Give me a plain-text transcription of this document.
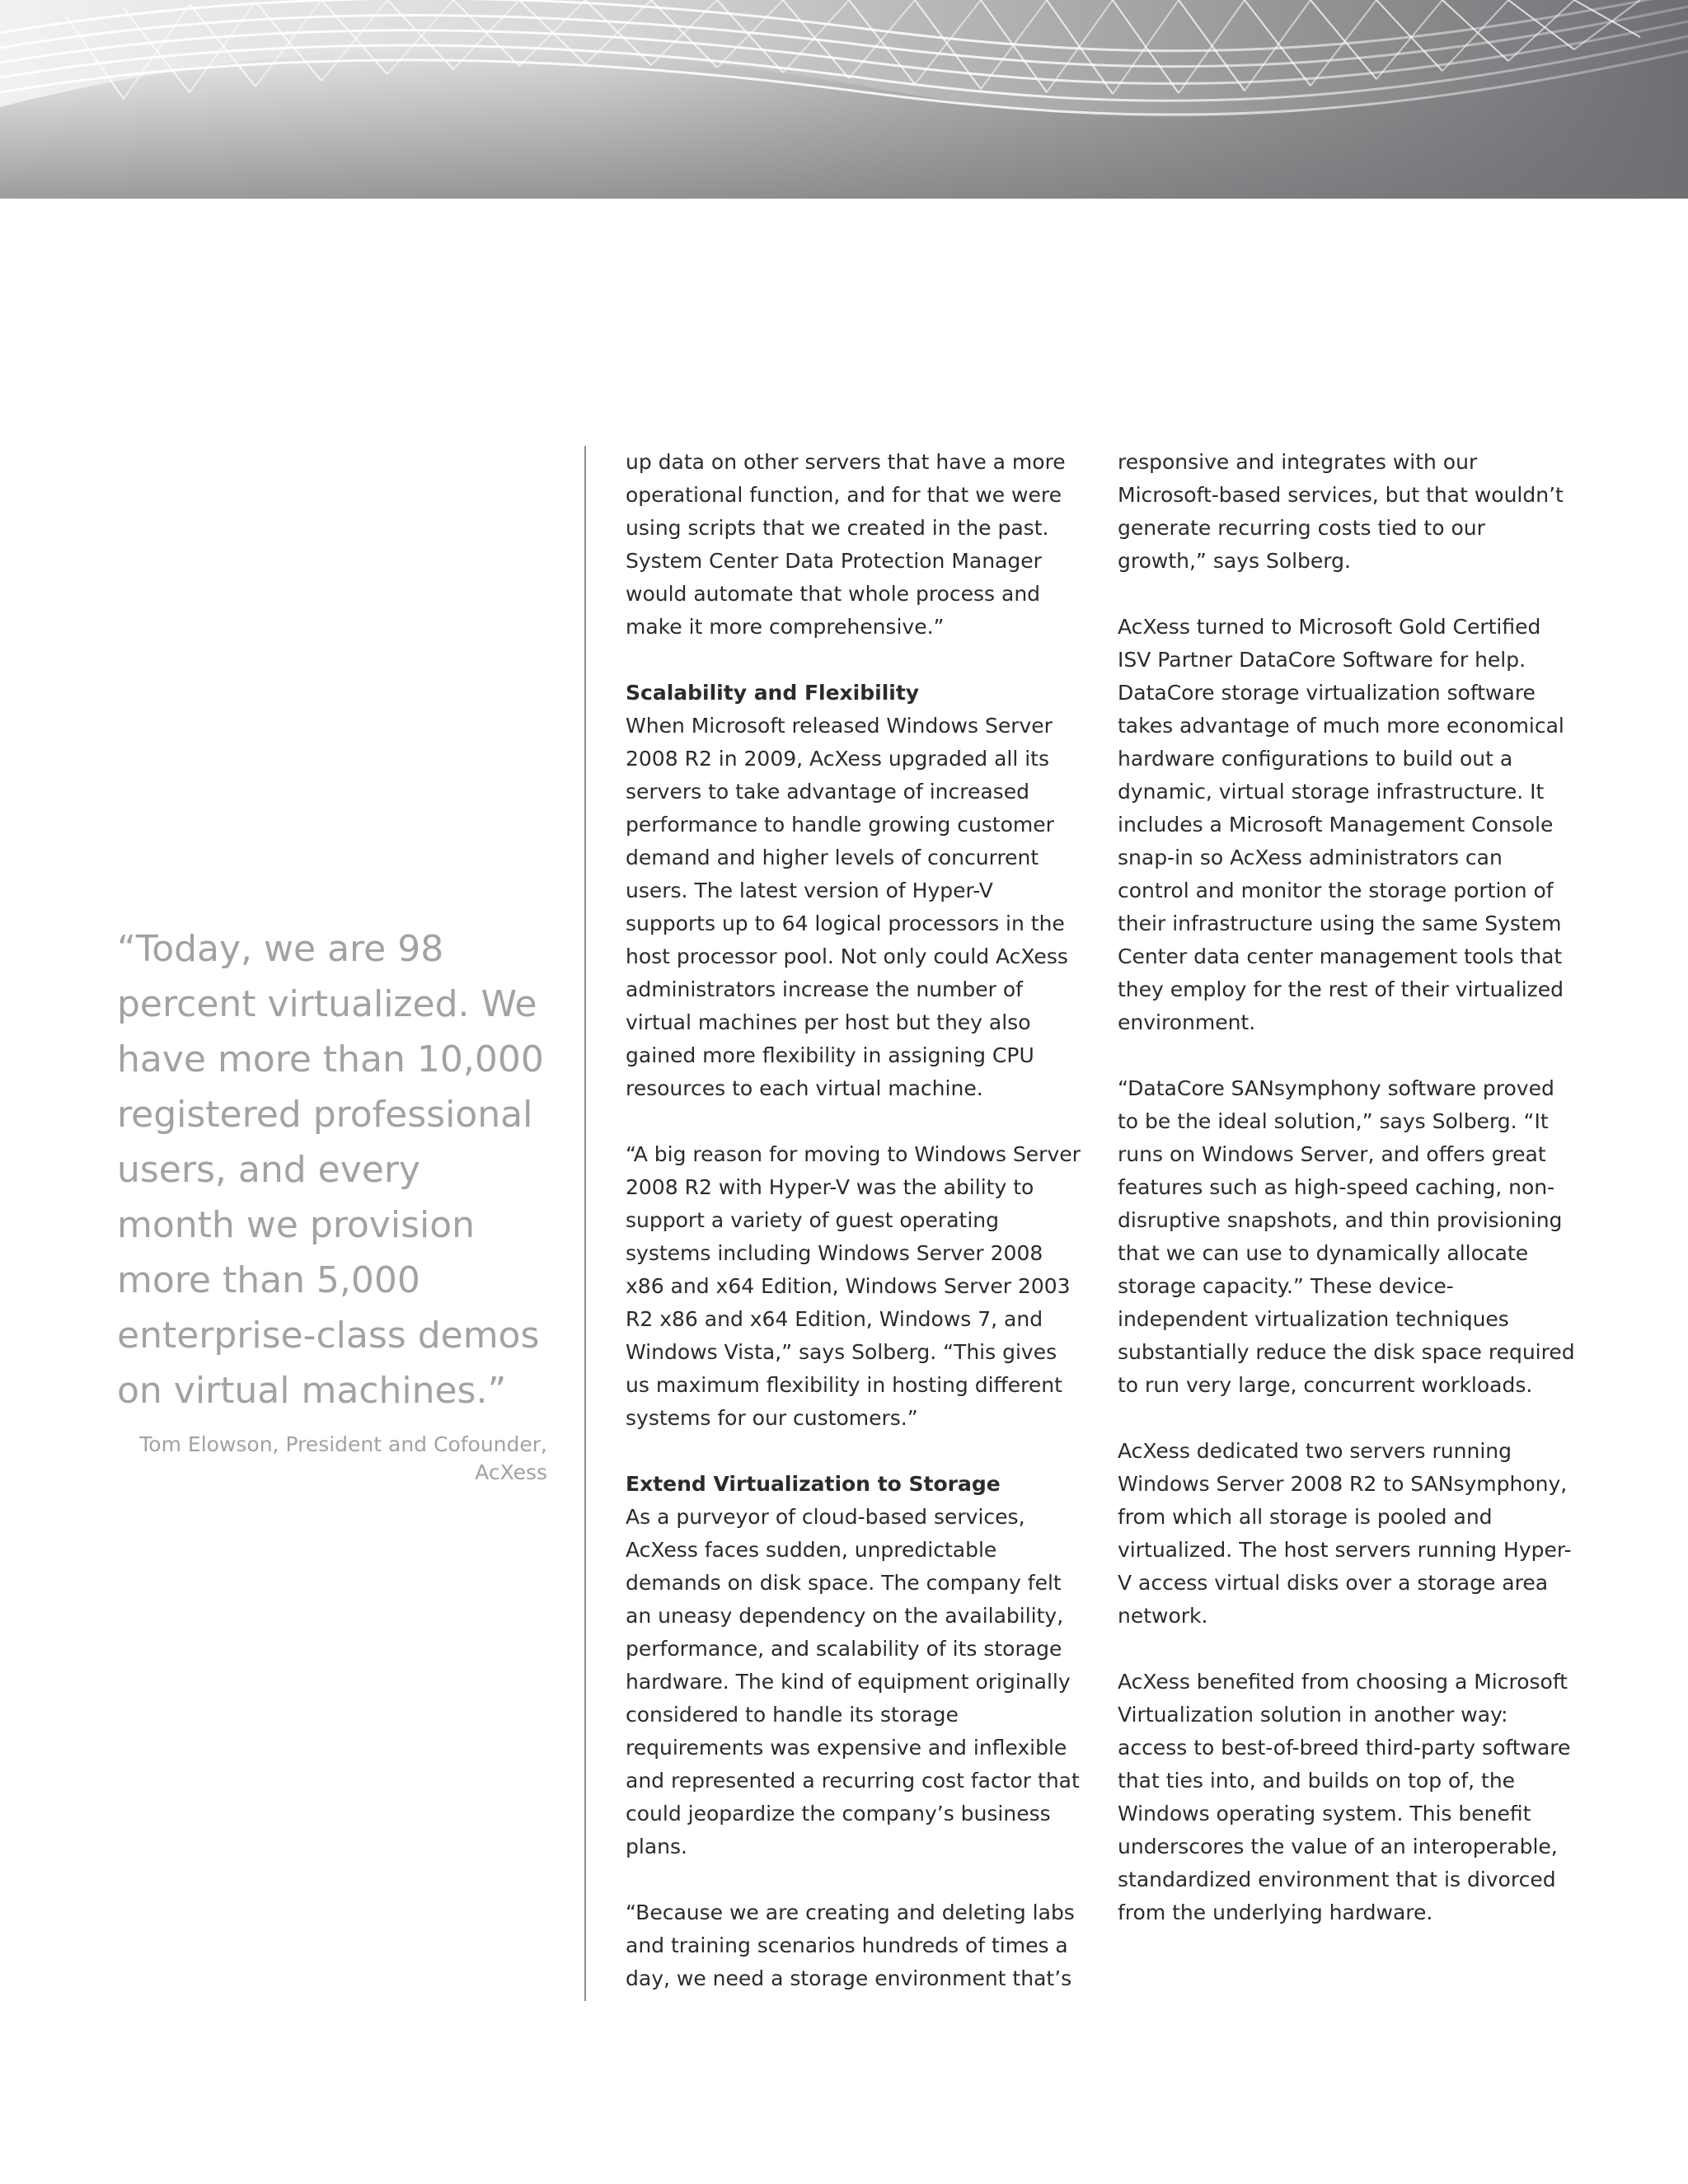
“Today, we are 98 percent virtualized. We have more than 10,000 registered professional users, and every month we provision more than 5,000 enterprise-class demos on virtual machines.”

Tom Elowson, President and Cofounder, AcXess

up data on other servers that have a more operational function, and for that we were using scripts that we created in the past. System Center Data Protection Manager would automate that whole process and make it more comprehensive.”

Scalability and Flexibility

When Microsoft released Windows Server 2008 R2 in 2009, AcXess upgraded all its servers to take advantage of increased performance to handle growing customer demand and higher levels of concurrent users. The latest version of Hyper-V supports up to 64 logical processors in the host processor pool. Not only could AcXess administrators increase the number of virtual machines per host but they also gained more flexibility in assigning CPU resources to each virtual machine.

“A big reason for moving to Windows Server 2008 R2 with Hyper-V was the ability to support a variety of guest operating systems including Windows Server 2008 x86 and x64 Edition, Windows Server 2003 R2 x86 and x64 Edition, Windows 7, and Windows Vista,” says Solberg. “This gives us maximum flexibility in hosting different systems for our customers.”

Extend Virtualization to Storage

As a purveyor of cloud-based services, AcXess faces sudden, unpredictable demands on disk space. The company felt an uneasy dependency on the availability, performance, and scalability of its storage hardware. The kind of equipment originally considered to handle its storage requirements was expensive and inflexible and represented a recurring cost factor that could jeopardize the company’s business plans.

“Because we are creating and deleting labs and training scenarios hundreds of times a day, we need a storage environment that’s

responsive and integrates with our Microsoft-based services, but that wouldn’t generate recurring costs tied to our growth,” says Solberg.

AcXess turned to Microsoft Gold Certified ISV Partner DataCore Software for help. DataCore storage virtualization software takes advantage of much more economical hardware configurations to build out a dynamic, virtual storage infrastructure. It includes a Microsoft Management Console snap-in so AcXess administrators can control and monitor the storage portion of their infrastructure using the same System Center data center management tools that they employ for the rest of their virtualized environment.

“DataCore SANsymphony software proved to be the ideal solution,” says Solberg. “It runs on Windows Server, and offers great features such as high-speed caching, non-disruptive snapshots, and thin provisioning that we can use to dynamically allocate storage capacity.” These device-independent virtualization techniques substantially reduce the disk space required to run very large, concurrent workloads.

AcXess dedicated two servers running Windows Server 2008 R2 to SANsymphony, from which all storage is pooled and virtualized. The host servers running Hyper-V access virtual disks over a storage area network.

AcXess benefited from choosing a Microsoft Virtualization solution in another way: access to best-of-breed third-party software that ties into, and builds on top of, the Windows operating system. This benefit underscores the value of an interoperable, standardized environment that is divorced from the underlying hardware.
